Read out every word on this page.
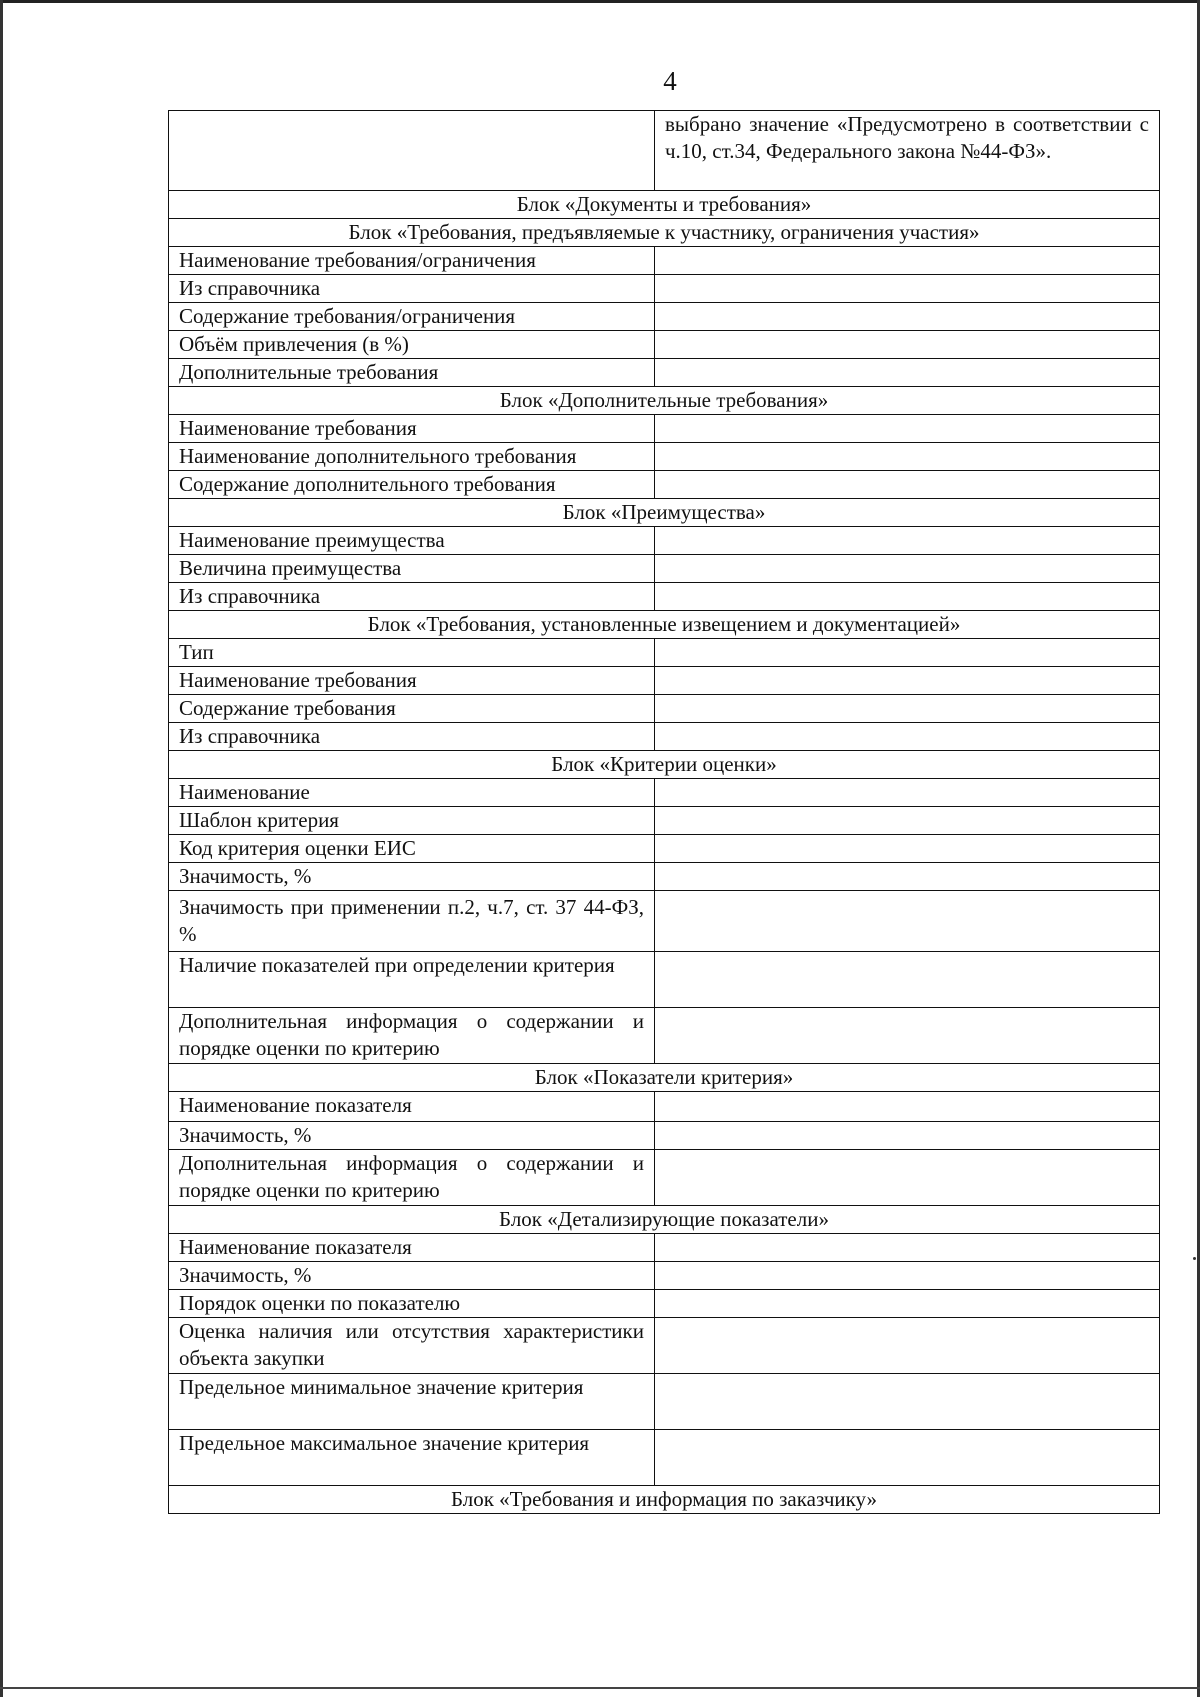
4
	выбрано значение «Предусмотрено в соответствии с ч.10, ст.34, Федерального закона №44-ФЗ».
Блок «Документы и требования»	
Блок «Требования, предъявляемые к участнику, ограничения участия»	
Наименование требования/ограничения	
Из справочника	
Содержание требования/ограничения	
Объём привлечения (в %)	
Дополнительные требования	
Блок «Дополнительные требования»	
Наименование требования	
Наименование дополнительного требования	
Содержание дополнительного требования	
Блок «Преимущества»	
Наименование преимущества	
Величина преимущества	
Из справочника	
Блок «Требования, установленные извещением и документацией»	
Тип	
Наименование требования	
Содержание требования	
Из справочника	
Блок «Критерии оценки»	
Наименование	
Шаблон критерия	
Код критерия оценки ЕИС	
Значимость, %	
Значимость при применении п.2, ч.7, ст. 37 44-ФЗ, %	
Наличие показателей при определении критерия	
Дополнительная информация о содержании и порядке оценки по критерию	
Блок «Показатели критерия»	
Наименование показателя	
Значимость, %	
Дополнительная информация о содержании и порядке оценки по критерию	
Блок «Детализирующие показатели»	
Наименование показателя	
Значимость, %	
Порядок оценки по показателю	
Оценка наличия или отсутствия характеристики объекта закупки	
Предельное минимальное значение критерия	
Предельное максимальное значение критерия	
Блок «Требования и информация по заказчику»	
